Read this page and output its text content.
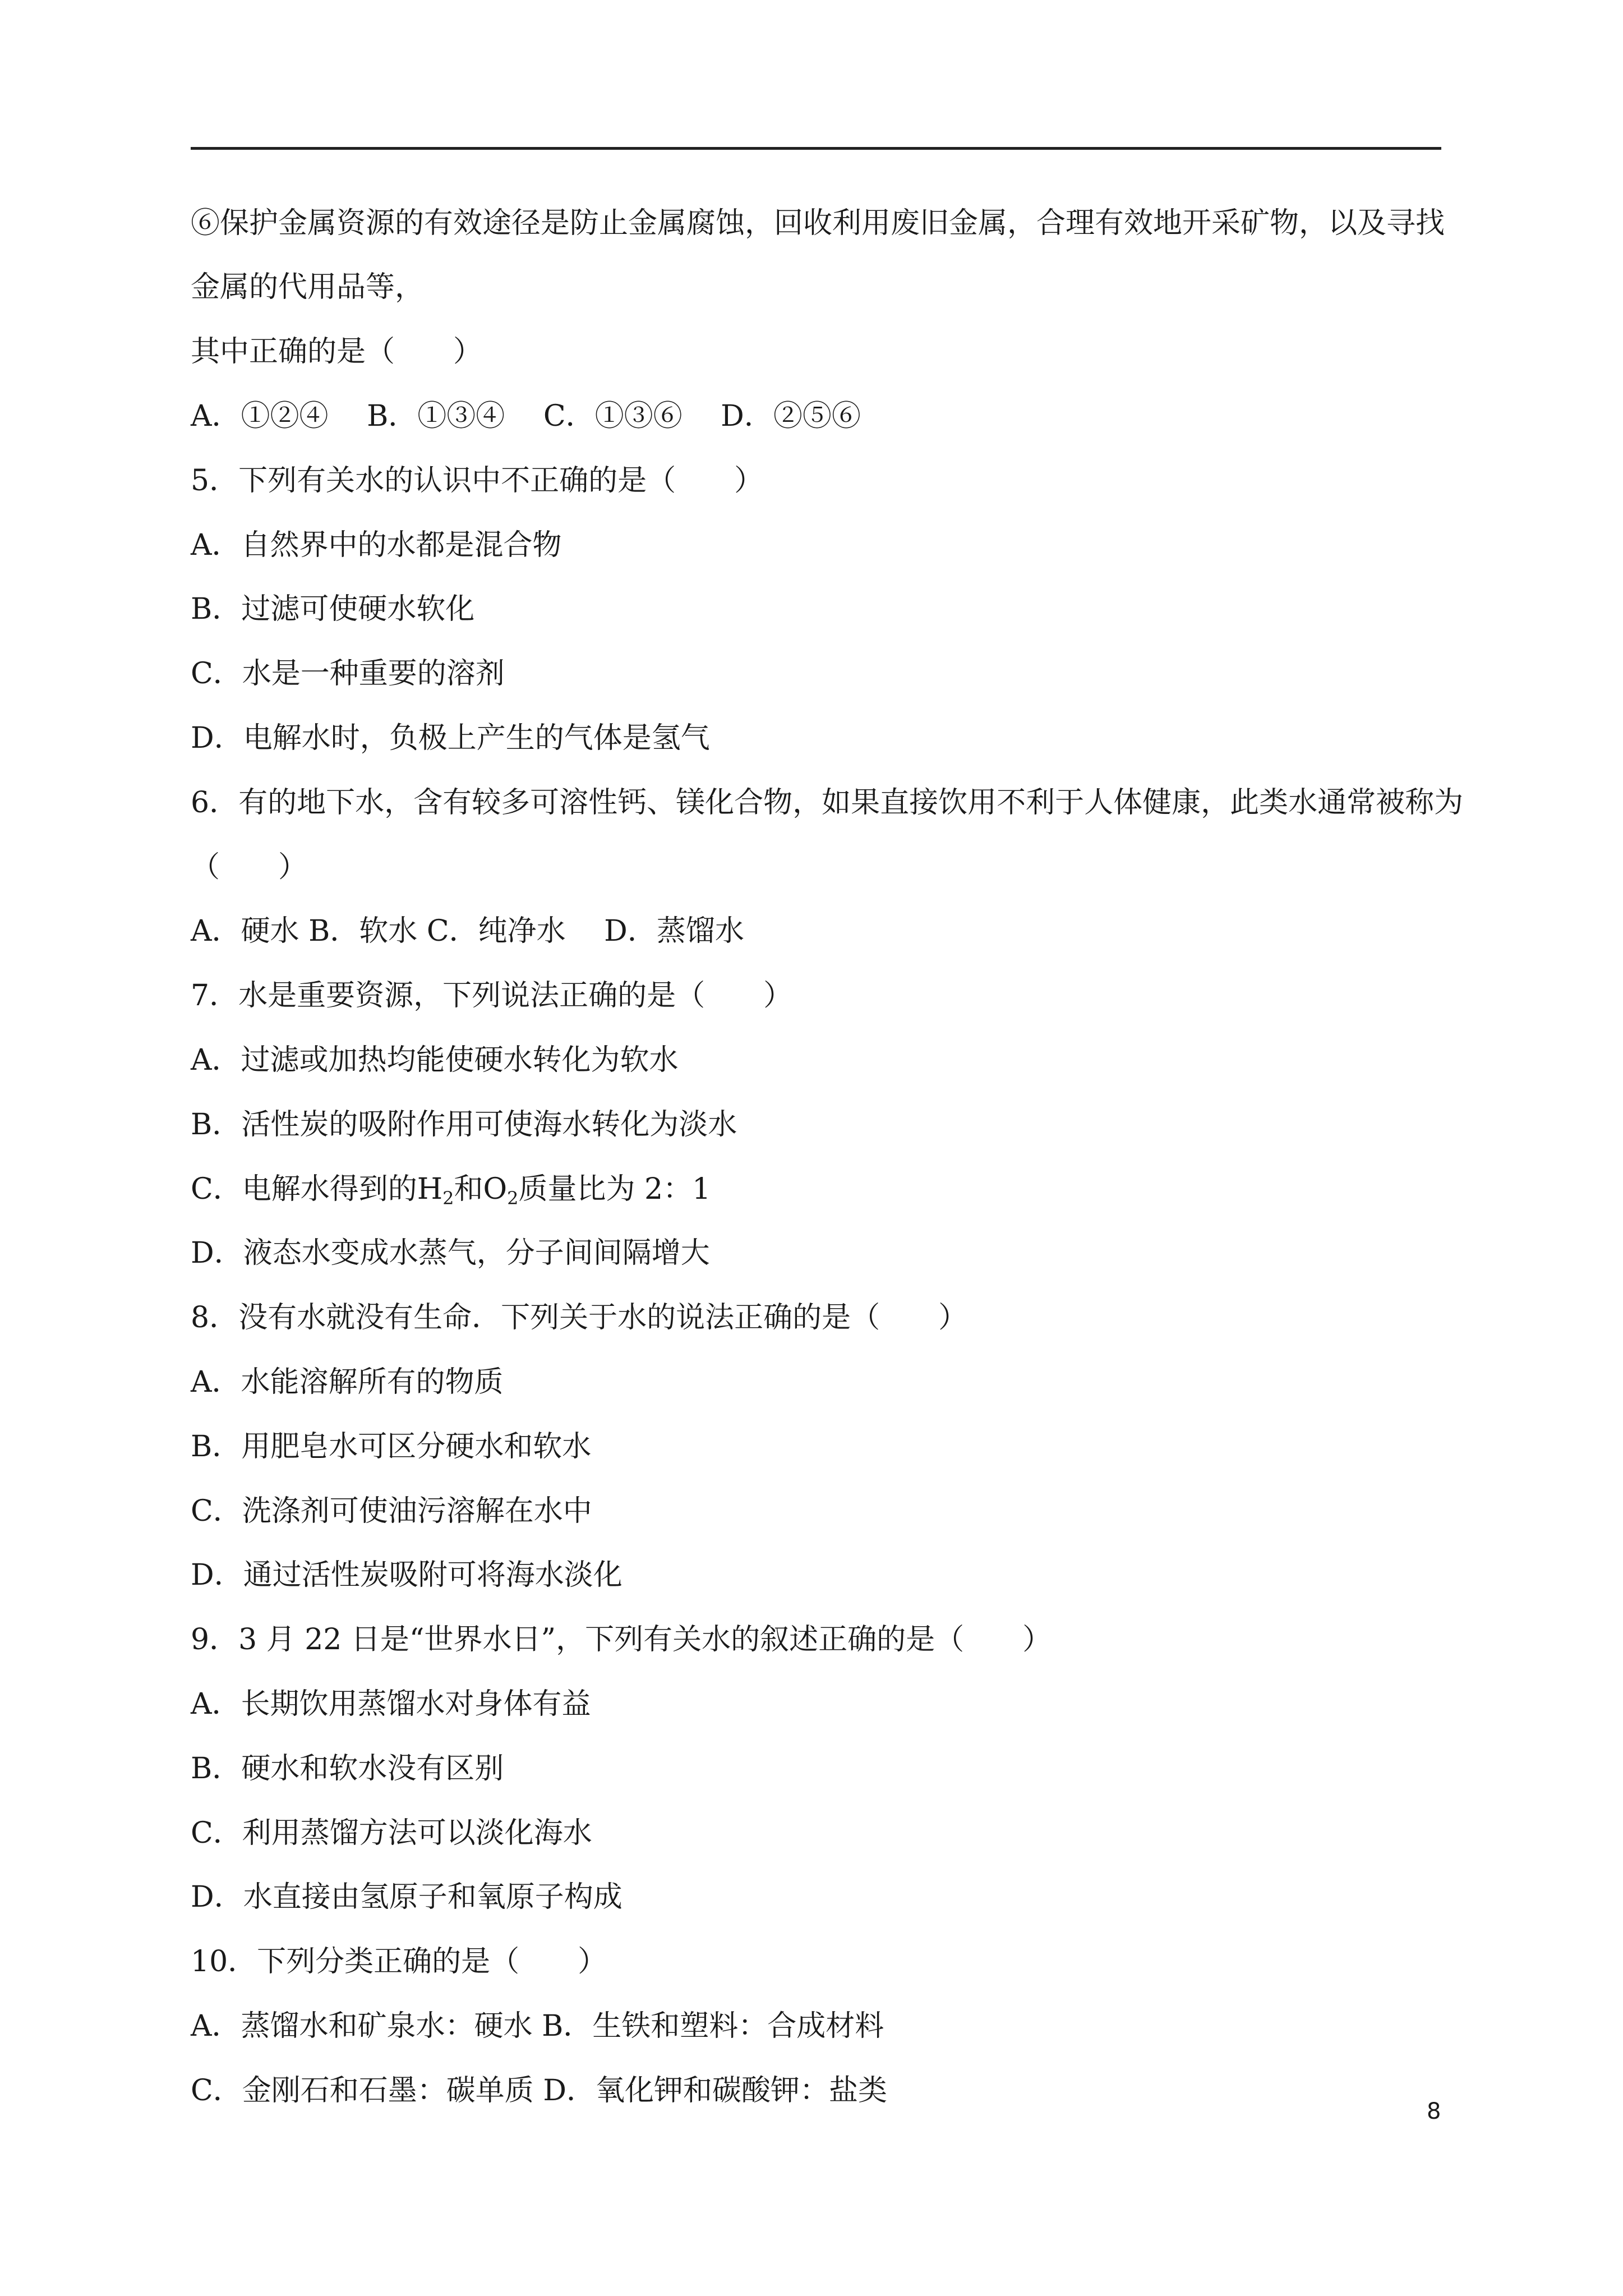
⑥保护金属资源的有效途径是防止金属腐蚀，回收利用废旧金属，合理有效地开采矿物，以及寻找
金属的代用品等，
其中正确的是（　　）
A．①②④　 B．①③④　 C．①③⑥　 D．②⑤⑥
5．下列有关水的认识中不正确的是（　　）
A．自然界中的水都是混合物
B．过滤可使硬水软化
C．水是一种重要的溶剂
D．电解水时，负极上产生的气体是氢气
6．有的地下水，含有较多可溶性钙、镁化合物，如果直接饮用不利于人体健康，此类水通常被称为
（　　）
A．硬水 B．软水 C．纯净水　 D．蒸馏水
7．水是重要资源，下列说法正确的是（　　）
A．过滤或加热均能使硬水转化为软水
B．活性炭的吸附作用可使海水转化为淡水
C．电解水得到的$H_2$和$O_2$质量比为 2：1
D．液态水变成水蒸气，分子间间隔增大
8．没有水就没有生命．下列关于水的说法正确的是（　　）
A．水能溶解所有的物质
B．用肥皂水可区分硬水和软水
C．洗涤剂可使油污溶解在水中
D．通过活性炭吸附可将海水淡化
9．3 月 22 日是“世界水日”，下列有关水的叙述正确的是（　　）
A．长期饮用蒸馏水对身体有益
B．硬水和软水没有区别
C．利用蒸馏方法可以淡化海水
D．水直接由氢原子和氧原子构成
10．下列分类正确的是（　　）
A．蒸馏水和矿泉水：硬水 B．生铁和塑料：合成材料
C．金刚石和石墨：碳单质 D．氧化钾和碳酸钾：盐类
8
